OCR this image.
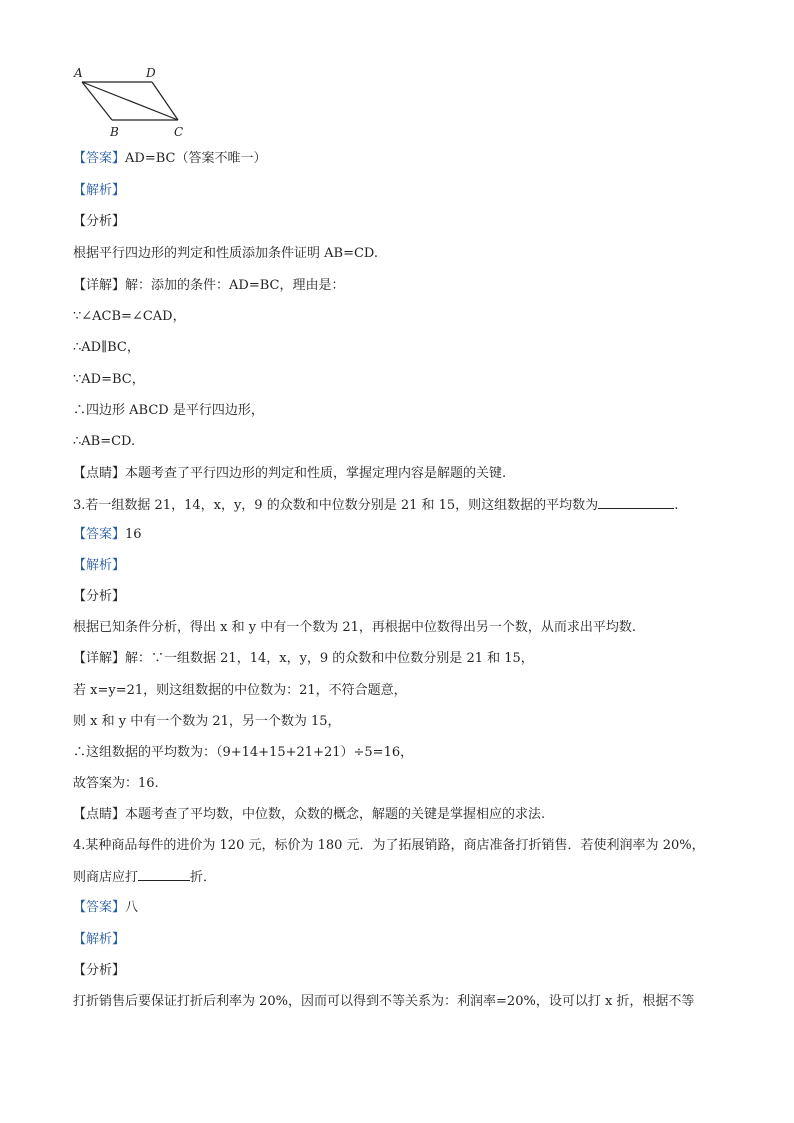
A	D
B	C
【答案】AD=BC（答案不唯一）
【解析】
【分析】
根据平行四边形的判定和性质添加条件证明 AB=CD.
【详解】解：添加的条件：AD=BC，理由是：
∵∠ACB=∠CAD，
∴AD∥BC，
∵AD=BC，
∴四边形 ABCD 是平行四边形，
∴AB=CD.
【点睛】本题考查了平行四边形的判定和性质，掌握定理内容是解题的关键.
3.若一组数据 21，14，x，y，9 的众数和中位数分别是 21 和 15，则这组数据的平均数为	.
【答案】16
【解析】
【分析】
根据已知条件分析，得出 x 和 y 中有一个数为 21，再根据中位数得出另一个数，从而求出平均数.
【详解】解：∵一组数据 21，14，x，y，9 的众数和中位数分别是 21 和 15，
若 x=y=21，则这组数据的中位数为：21，不符合题意，
则 x 和 y 中有一个数为 21，另一个数为 15，
∴这组数据的平均数为：（9+14+15+21+21）÷5=16，
故答案为：16.
【点睛】本题考查了平均数，中位数，众数的概念，解题的关键是掌握相应的求法.
4.某种商品每件的进价为 120 元，标价为 180 元．为了拓展销路，商店准备打折销售．若使利润率为 20%，
则商店应打	折．
【答案】八
【解析】
【分析】
打折销售后要保证打折后利率为 20%，因而可以得到不等关系为：利润率=20%，设可以打 x 折，根据不等
